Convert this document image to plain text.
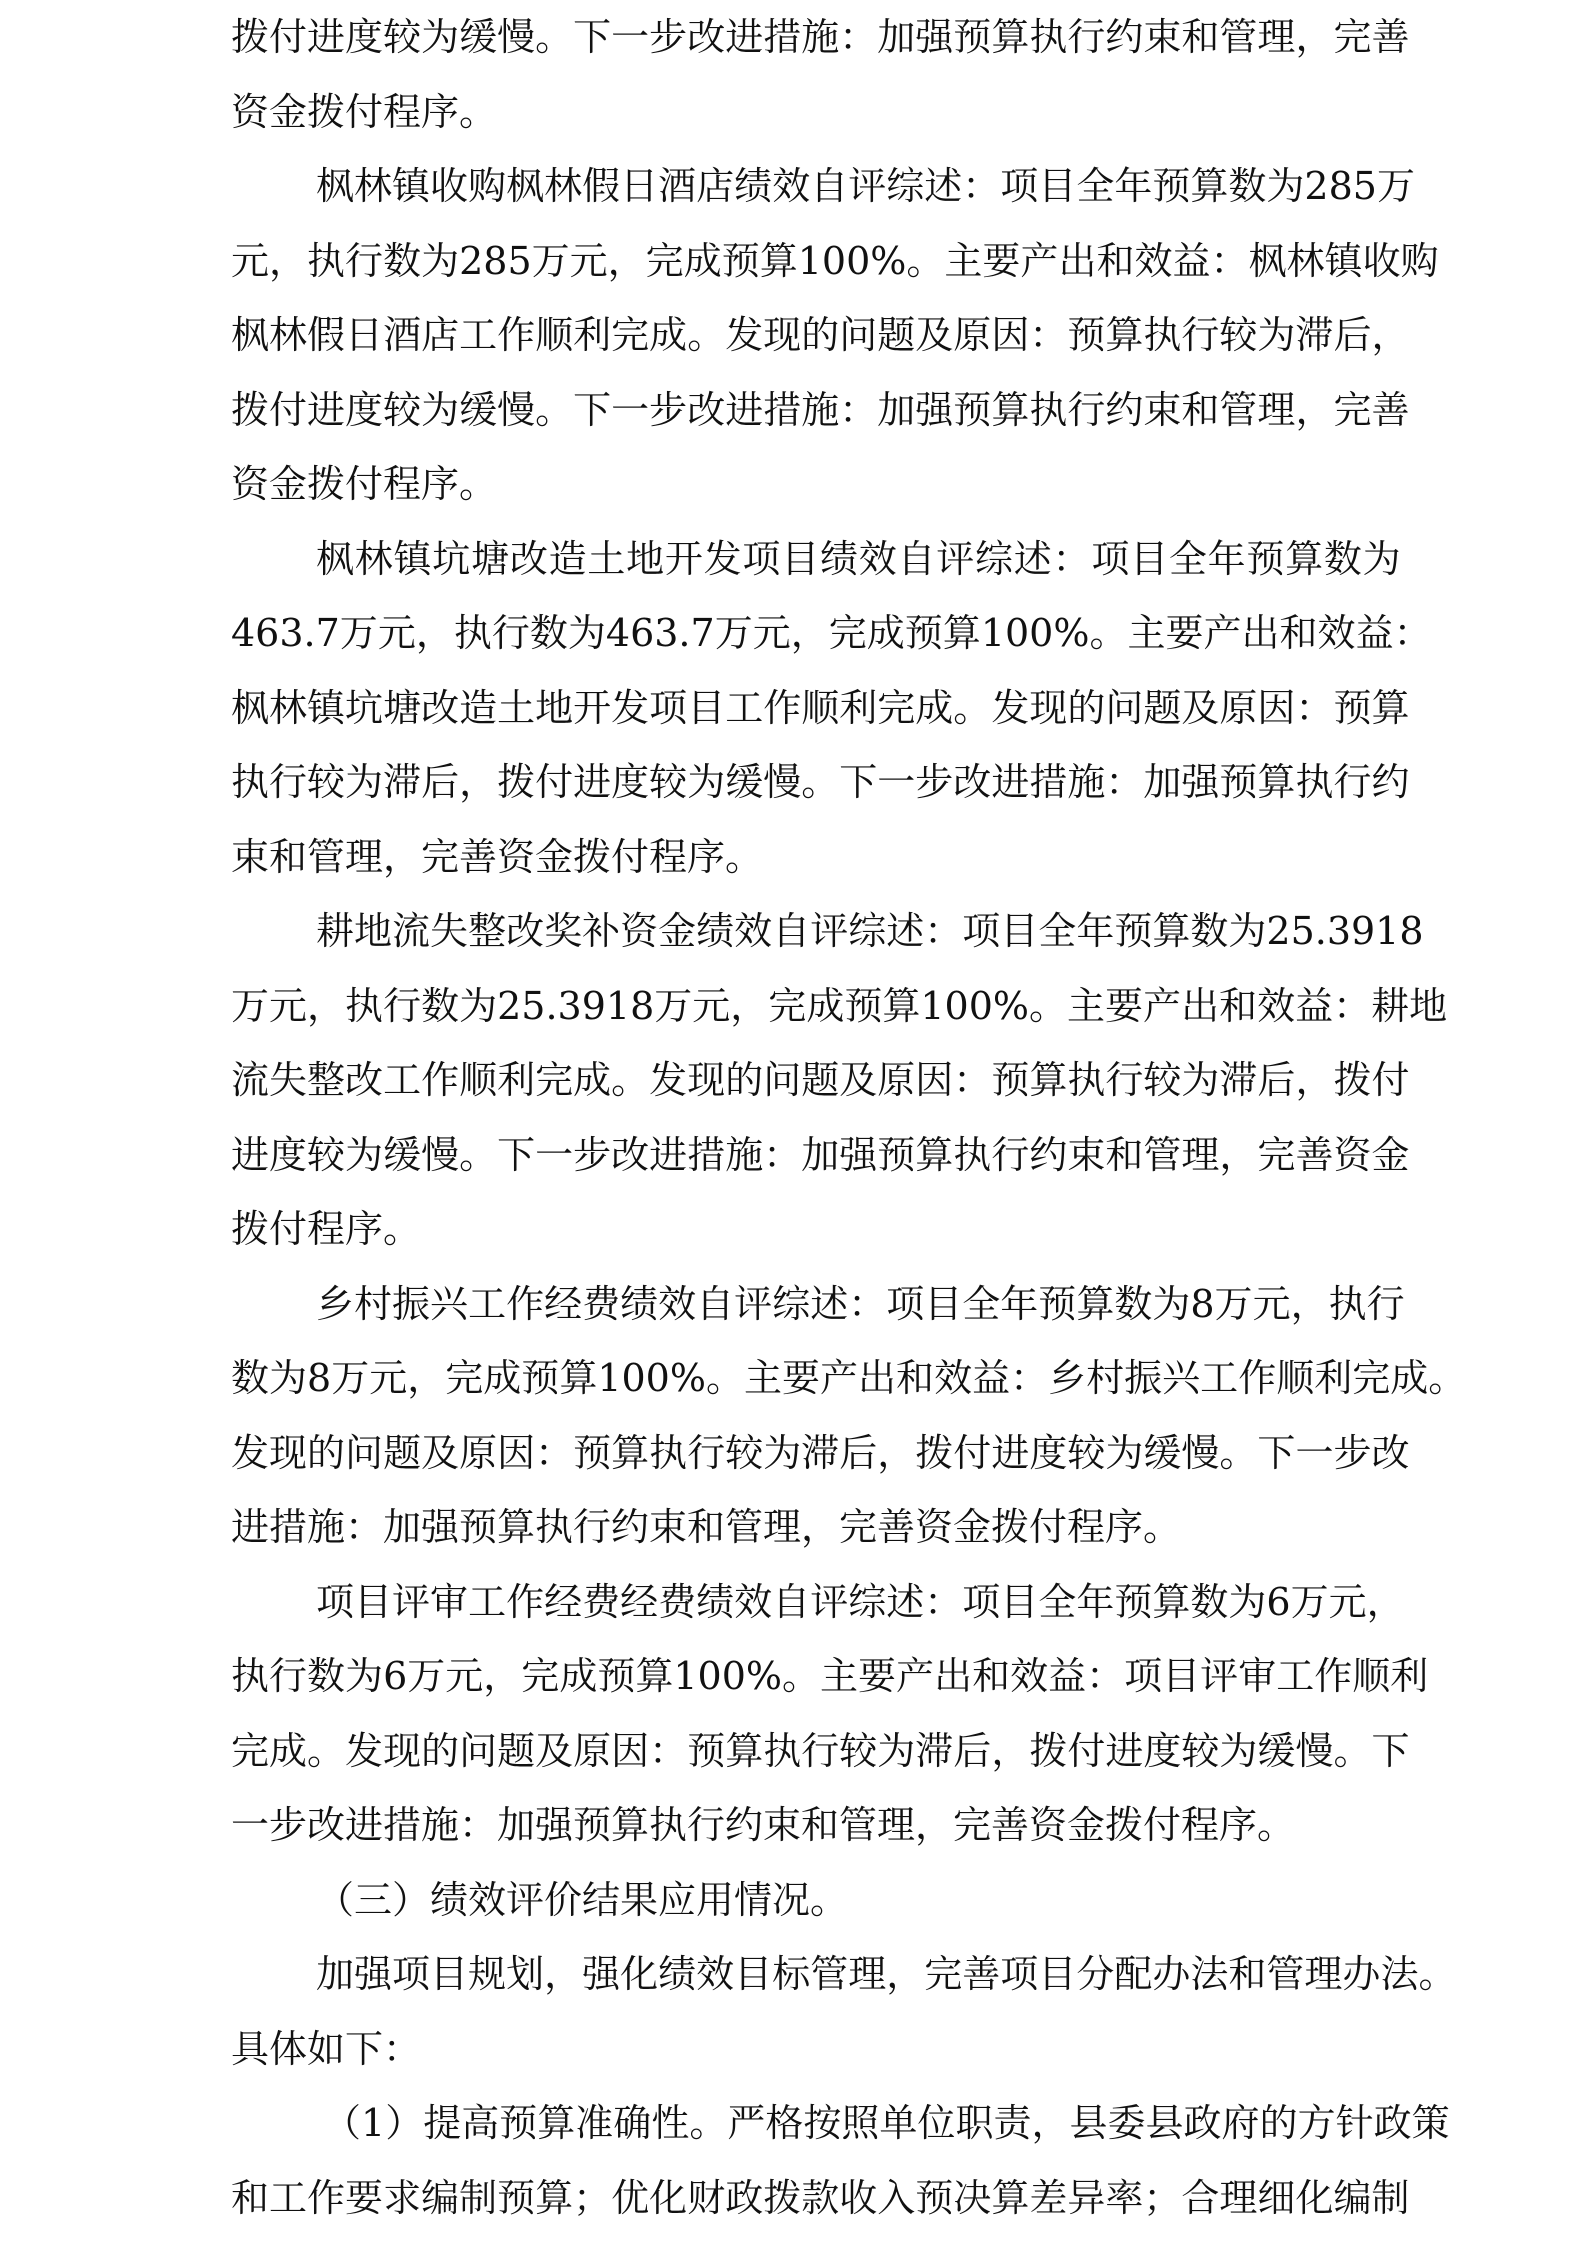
拨 付 进 度 较 为 缓 慢 。 下 一 步 改 进 措 施 ： 加 强 预 算 执 行 约 束 和 管 理 ， 完 善
资金拨付程序。
枫 林 镇 收 购 枫 林 假 日 酒 店 绩 效 自 评 综 述 ： 项 目 全 年 预 算 数 为 285 万
元 ， 执 行 数 为 285 万 元 ， 完 成 预 算 100% 。 主 要 产 出 和 效 益 ： 枫 林 镇 收 购
枫 林 假 日 酒 店 工 作 顺 利 完 成 。 发 现 的 问 题 及 原 因 ： 预 算 执 行 较 为 滞 后 ，
拨 付 进 度 较 为 缓 慢 。 下 一 步 改 进 措 施 ： 加 强 预 算 执 行 约 束 和 管 理 ， 完 善
资金拨付程序。
枫 林 镇 坑 塘 改 造 土 地 开 发 项 目 绩 效 自 评 综 述 ： 项 目 全 年 预 算 数 为
463.7 万 元 ， 执 行 数 为 463.7 万 元 ， 完 成 预 算 100% 。 主 要 产 出 和 效 益 ：
枫 林 镇 坑 塘 改 造 土 地 开 发 项 目 工 作 顺 利 完 成 。 发 现 的 问 题 及 原 因 ： 预 算
执 行 较 为 滞 后 ， 拨 付 进 度 较 为 缓 慢 。 下 一 步 改 进 措 施 ： 加 强 预 算 执 行 约
束和管理，完善资金拨付程序。
耕 地 流 失 整 改 奖 补 资 金 绩 效 自 评 综 述 ： 项 目 全 年 预 算 数 为 25.3918
万 元 ， 执 行 数 为 25.3918 万 元 ， 完 成 预 算 100% 。 主 要 产 出 和 效 益 ： 耕 地
流 失 整 改 工 作 顺 利 完 成 。 发 现 的 问 题 及 原 因 ： 预 算 执 行 较 为 滞 后 ， 拨 付
进 度 较 为 缓 慢 。 下 一 步 改 进 措 施 ： 加 强 预 算 执 行 约 束 和 管 理 ， 完 善 资 金
拨付程序。
乡 村 振 兴 工 作 经 费 绩 效 自 评 综 述 ： 项 目 全 年 预 算 数 为 8 万 元 ， 执 行
数 为 8 万 元 ， 完 成 预 算 100% 。 主 要 产 出 和 效 益 ： 乡 村 振 兴 工 作 顺 利 完 成 。
发 现 的 问 题 及 原 因 ： 预 算 执 行 较 为 滞 后 ， 拨 付 进 度 较 为 缓 慢 。 下 一 步 改
进措施：加强预算执行约束和管理，完善资金拨付程序。
项 目 评 审 工 作 经 费 经 费 绩 效 自 评 综 述 ： 项 目 全 年 预 算 数 为 6 万 元 ，
执 行 数 为 6 万 元 ， 完 成 预 算 100% 。 主 要 产 出 和 效 益 ： 项 目 评 审 工 作 顺 利
完 成 。 发 现 的 问 题 及 原 因 ： 预 算 执 行 较 为 滞 后 ， 拨 付 进 度 较 为 缓 慢 。 下
一步改进措施：加强预算执行约束和管理，完善资金拨付程序。
（三）绩效评价结果应用情况。
加 强 项 目 规 划 ， 强 化 绩 效 目 标 管 理 ， 完 善 项 目 分 配 办 法 和 管 理 办 法 。
具体如下：
（ 1 ） 提 高 预 算 准 确 性 。 严 格 按 照 单 位 职 责 ， 县 委 县 政 府 的 方 针 政 策
和 工 作 要 求 编 制 预 算 ； 优 化 财 政 拨 款 收 入 预 决 算 差 异 率 ； 合 理 细 化 编 制
